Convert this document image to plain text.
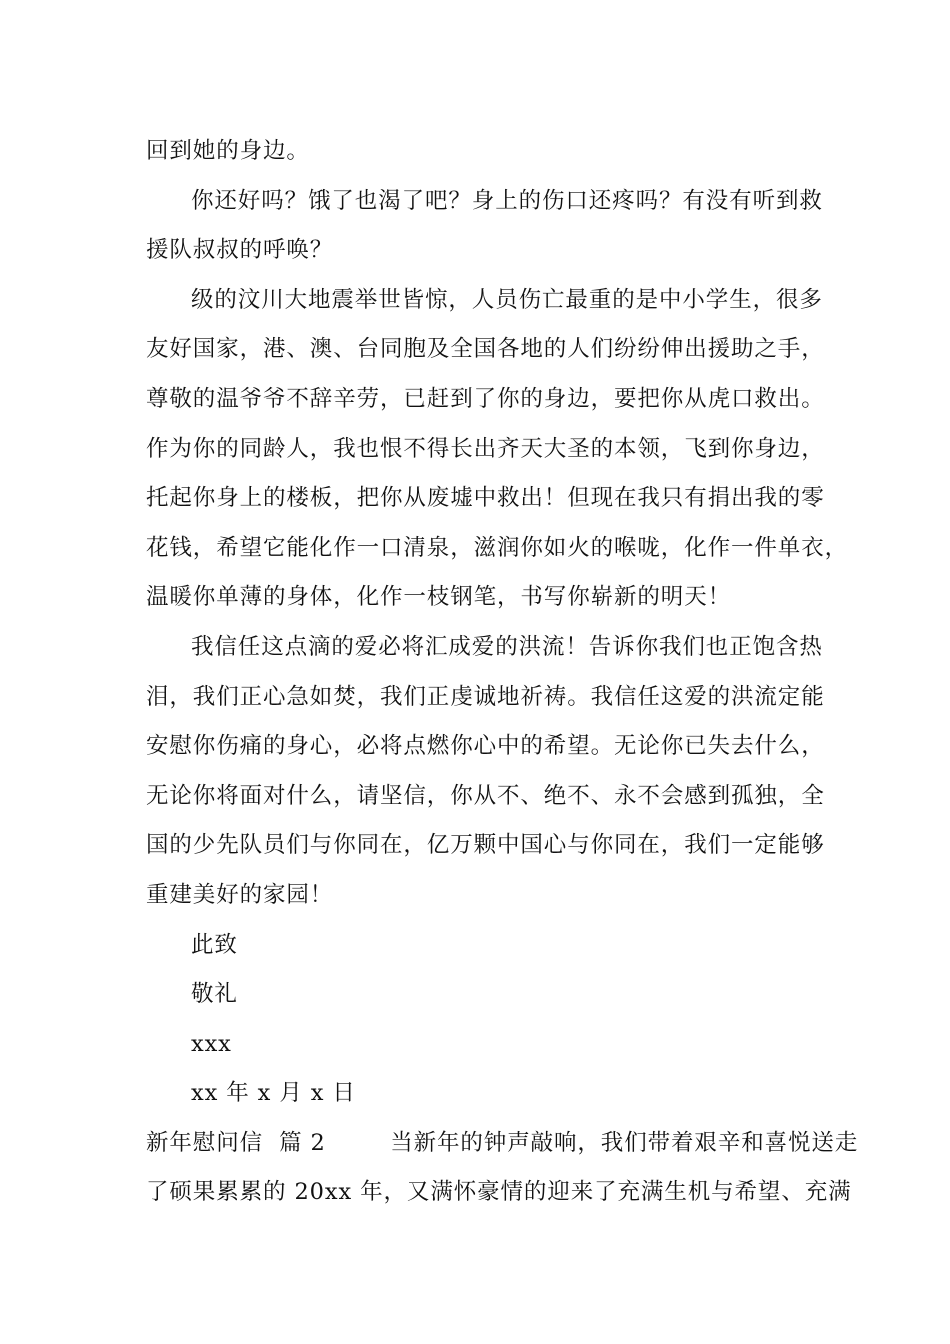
回到她的身边。
你还好吗？饿了也渴了吧？身上的伤口还疼吗？有没有听到救
援队叔叔的呼唤？
级的汶川大地震举世皆惊，人员伤亡最重的是中小学生，很多
友好国家，港、澳、台同胞及全国各地的人们纷纷伸出援助之手，
尊敬的温爷爷不辞辛劳，已赶到了你的身边，要把你从虎口救出。
作为你的同龄人，我也恨不得长出齐天大圣的本领，飞到你身边，
托起你身上的楼板，把你从废墟中救出！但现在我只有捐出我的零
花钱，希望它能化作一口清泉，滋润你如火的喉咙，化作一件单衣，
温暖你单薄的身体，化作一枝钢笔，书写你崭新的明天！
我信任这点滴的爱必将汇成爱的洪流！告诉你我们也正饱含热
泪，我们正心急如焚，我们正虔诚地祈祷。我信任这爱的洪流定能
安慰你伤痛的身心，必将点燃你心中的希望。无论你已失去什么，
无论你将面对什么，请坚信，你从不、绝不、永不会感到孤独，全
国的少先队员们与你同在，亿万颗中国心与你同在，我们一定能够
重建美好的家园！
此致
敬礼
xxx
xx 年 x 月 x 日
新年慰问信  篇 2        当新年的钟声敲响，我们带着艰辛和喜悦送走
了硕果累累的 20xx 年，又满怀豪情的迎来了充满生机与希望、充满
